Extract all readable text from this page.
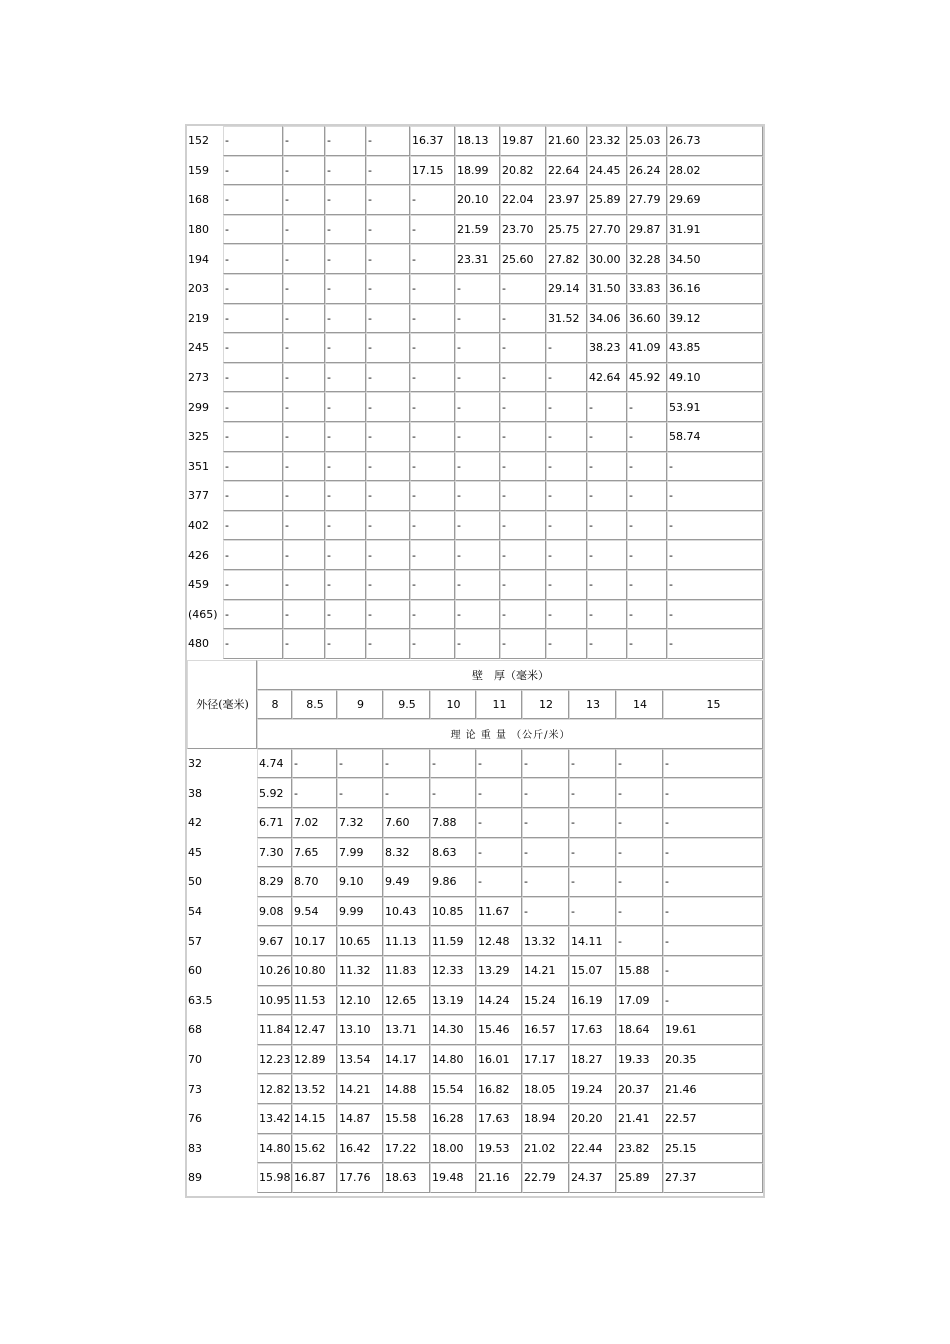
152	-	-	-	-	16.37	18.13	19.87	21.60	23.32	25.03	26.73
159	-	-	-	-	17.15	18.99	20.82	22.64	24.45	26.24	28.02
168	-	-	-	-	-	20.10	22.04	23.97	25.89	27.79	29.69
180	-	-	-	-	-	21.59	23.70	25.75	27.70	29.87	31.91
194	-	-	-	-	-	23.31	25.60	27.82	30.00	32.28	34.50
203	-	-	-	-	-	-	-	29.14	31.50	33.83	36.16
219	-	-	-	-	-	-	-	31.52	34.06	36.60	39.12
245	-	-	-	-	-	-	-	-	38.23	41.09	43.85
273	-	-	-	-	-	-	-	-	42.64	45.92	49.10
299	-	-	-	-	-	-	-	-	-	-	53.91
325	-	-	-	-	-	-	-	-	-	-	58.74
351	-	-	-	-	-	-	-	-	-	-	-
377	-	-	-	-	-	-	-	-	-	-	-
402	-	-	-	-	-	-	-	-	-	-	-
426	-	-	-	-	-	-	-	-	-	-	-
459	-	-	-	-	-	-	-	-	-	-	-
(465)	-	-	-	-	-	-	-	-	-	-	-
480	-	-	-	-	-	-	-	-	-	-	-
外径(毫米)	壁　厚（毫米）									
	8	8.5	9	9.5	10	11	12	13	14	15
	理 论 重 量 （公斤/米）									
32	4.74	-	-	-	-	-	-	-	-	-
38	5.92	-	-	-	-	-	-	-	-	-
42	6.71	7.02	7.32	7.60	7.88	-	-	-	-	-
45	7.30	7.65	7.99	8.32	8.63	-	-	-	-	-
50	8.29	8.70	9.10	9.49	9.86	-	-	-	-	-
54	9.08	9.54	9.99	10.43	10.85	11.67	-	-	-	-
57	9.67	10.17	10.65	11.13	11.59	12.48	13.32	14.11	-	-
60	10.26	10.80	11.32	11.83	12.33	13.29	14.21	15.07	15.88	-
63.5	10.95	11.53	12.10	12.65	13.19	14.24	15.24	16.19	17.09	-
68	11.84	12.47	13.10	13.71	14.30	15.46	16.57	17.63	18.64	19.61
70	12.23	12.89	13.54	14.17	14.80	16.01	17.17	18.27	19.33	20.35
73	12.82	13.52	14.21	14.88	15.54	16.82	18.05	19.24	20.37	21.46
76	13.42	14.15	14.87	15.58	16.28	17.63	18.94	20.20	21.41	22.57
83	14.80	15.62	16.42	17.22	18.00	19.53	21.02	22.44	23.82	25.15
89	15.98	16.87	17.76	18.63	19.48	21.16	22.79	24.37	25.89	27.37
